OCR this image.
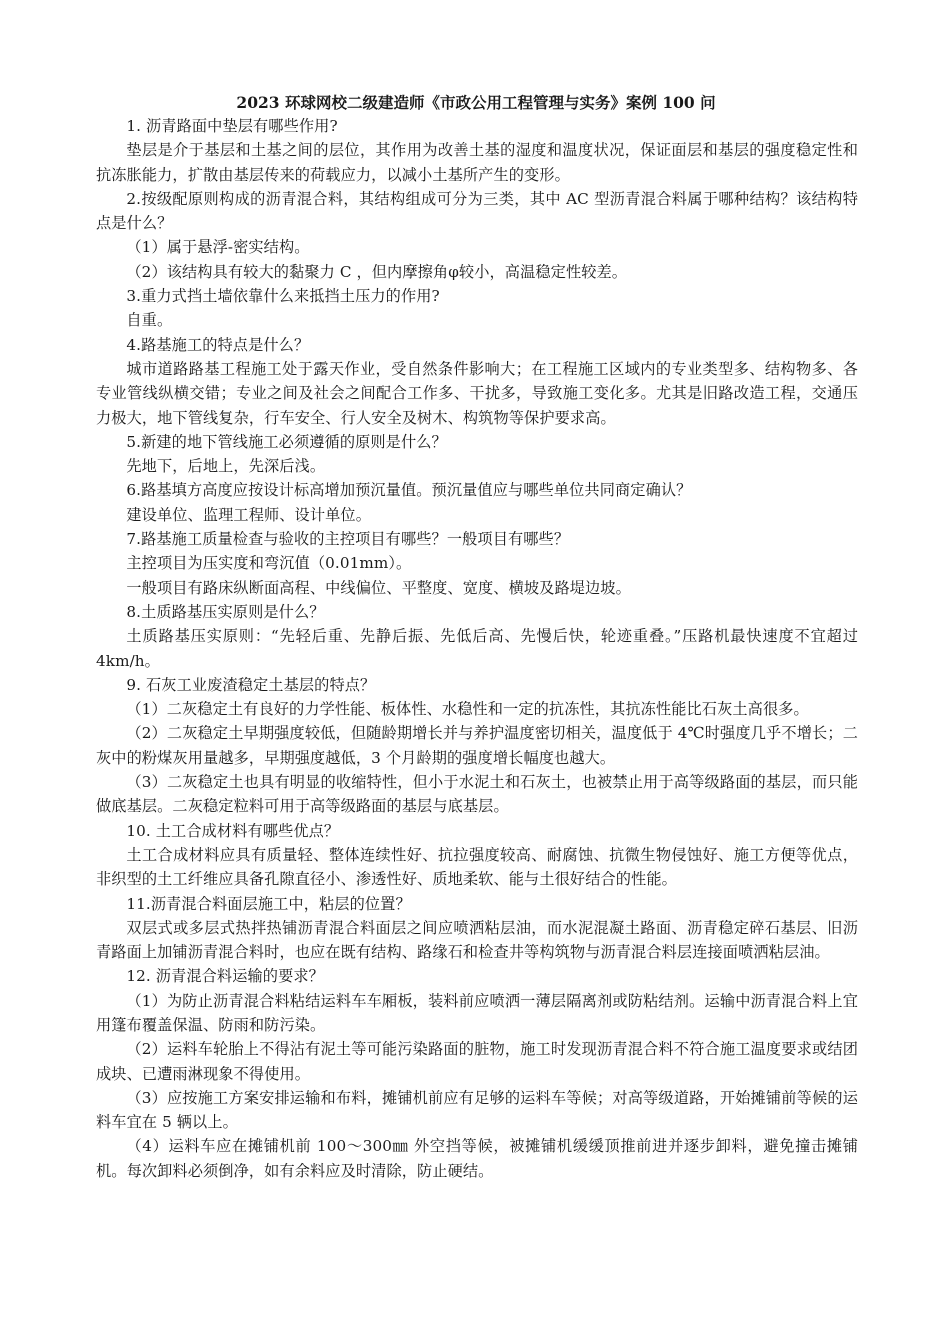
2023 环球网校二级建造师《市政公用工程管理与实务》案例 100 问

1. 沥青路面中垫层有哪些作用?

垫层是介于基层和土基之间的层位，其作用为改善土基的湿度和温度状况，保证面层和基层的强度稳定性和抗冻胀能力，扩散由基层传来的荷载应力，以减小土基所产生的变形。

2.按级配原则构成的沥青混合料，其结构组成可分为三类，其中 AC 型沥青混合料属于哪种结构？该结构特点是什么？

（1）属于悬浮-密实结构。

（2）该结构具有较大的黏聚力 C ，但内摩擦角φ较小，高温稳定性较差。

3.重力式挡土墙依靠什么来抵挡土压力的作用?

自重。

4.路基施工的特点是什么？

城市道路路基工程施工处于露天作业，受自然条件影响大；在工程施工区域内的专业类型多、结构物多、各专业管线纵横交错；专业之间及社会之间配合工作多、干扰多，导致施工变化多。尤其是旧路改造工程，交通压力极大，地下管线复杂，行车安全、行人安全及树木、构筑物等保护要求高。

5.新建的地下管线施工必须遵循的原则是什么？

先地下，后地上，先深后浅。

6.路基填方高度应按设计标高增加预沉量值。预沉量值应与哪些单位共同商定确认？

建设单位、监理工程师、设计单位。

7.路基施工质量检查与验收的主控项目有哪些？一般项目有哪些？

主控项目为压实度和弯沉值（0.01mm）。

一般项目有路床纵断面高程、中线偏位、平整度、宽度、横坡及路堤边坡。

8.土质路基压实原则是什么？

土质路基压实原则：“先轻后重、先静后振、先低后高、先慢后快，轮迹重叠。”压路机最快速度不宜超过 4km/h。

9. 石灰工业废渣稳定土基层的特点？

（1）二灰稳定土有良好的力学性能、板体性、水稳性和一定的抗冻性，其抗冻性能比石灰土高很多。

（2）二灰稳定土早期强度较低，但随龄期增长并与养护温度密切相关，温度低于 4℃时强度几乎不增长；二灰中的粉煤灰用量越多，早期强度越低，3 个月龄期的强度增长幅度也越大。

（3）二灰稳定土也具有明显的收缩特性，但小于水泥土和石灰土，也被禁止用于高等级路面的基层，而只能做底基层。二灰稳定粒料可用于高等级路面的基层与底基层。

10. 土工合成材料有哪些优点？

土工合成材料应具有质量轻、整体连续性好、抗拉强度较高、耐腐蚀、抗微生物侵蚀好、施工方便等优点，非织型的土工纤维应具备孔隙直径小、渗透性好、质地柔软、能与土很好结合的性能。

11.沥青混合料面层施工中，粘层的位置？

双层式或多层式热拌热铺沥青混合料面层之间应喷洒粘层油，而水泥混凝土路面、沥青稳定碎石基层、旧沥青路面上加铺沥青混合料时，也应在既有结构、路缘石和检查井等构筑物与沥青混合料层连接面喷洒粘层油。

12. 沥青混合料运输的要求？

（1）为防止沥青混合料粘结运料车车厢板，装料前应喷洒一薄层隔离剂或防粘结剂。运输中沥青混合料上宜用篷布覆盖保温、防雨和防污染。

（2）运料车轮胎上不得沾有泥土等可能污染路面的脏物，施工时发现沥青混合料不符合施工温度要求或结团成块、已遭雨淋现象不得使用。

（3）应按施工方案安排运输和布料，摊铺机前应有足够的运料车等候；对高等级道路，开始摊铺前等候的运料车宜在 5 辆以上。

（4）运料车应在摊铺机前 100～300㎜ 外空挡等候，被摊铺机缓缓顶推前进并逐步卸料，避免撞击摊铺机。每次卸料必须倒净，如有余料应及时清除，防止硬结。
